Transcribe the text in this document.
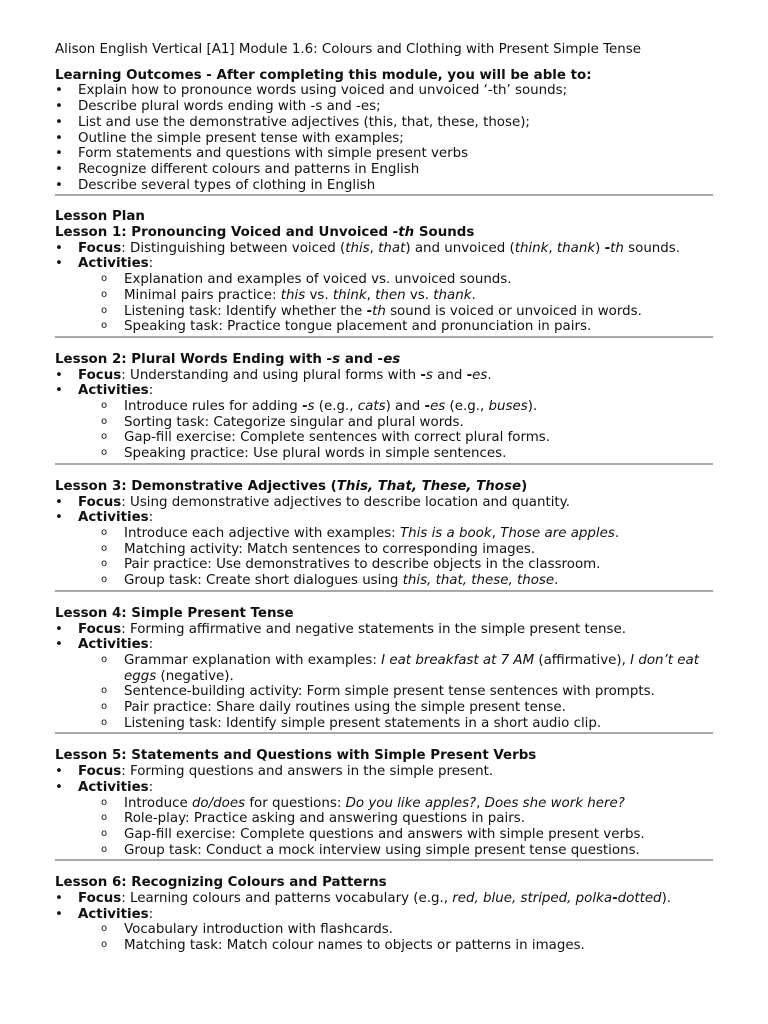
Alison English Vertical [A1] Module 1.6: Colours and Clothing with Present Simple Tense
Learning Outcomes - After completing this module, you will be able to:
• Explain how to pronounce words using voiced and unvoiced ‘-th’ sounds;
• Describe plural words ending with -s and -es;
• List and use the demonstrative adjectives (this, that, these, those);
• Outline the simple present tense with examples;
• Form statements and questions with simple present verbs
• Recognize different colours and patterns in English
• Describe several types of clothing in English
Lesson Plan
Lesson 1: Pronouncing Voiced and Unvoiced -th Sounds
• Focus: Distinguishing between voiced (this, that) and unvoiced (think, thank) -th sounds.
• Activities:
o Explanation and examples of voiced vs. unvoiced sounds.
o Minimal pairs practice: this vs. think, then vs. thank.
o Listening task: Identify whether the -th sound is voiced or unvoiced in words.
o Speaking task: Practice tongue placement and pronunciation in pairs.
Lesson 2: Plural Words Ending with -s and -es
• Focus: Understanding and using plural forms with -s and -es.
• Activities:
o Introduce rules for adding -s (e.g., cats) and -es (e.g., buses).
o Sorting task: Categorize singular and plural words.
o Gap-fill exercise: Complete sentences with correct plural forms.
o Speaking practice: Use plural words in simple sentences.
Lesson 3: Demonstrative Adjectives (This, That, These, Those)
• Focus: Using demonstrative adjectives to describe location and quantity.
• Activities:
o Introduce each adjective with examples: This is a book, Those are apples.
o Matching activity: Match sentences to corresponding images.
o Pair practice: Use demonstratives to describe objects in the classroom.
o Group task: Create short dialogues using this, that, these, those.
Lesson 4: Simple Present Tense
• Focus: Forming affirmative and negative statements in the simple present tense.
• Activities:
o Grammar explanation with examples: I eat breakfast at 7 AM (affirmative), I don’t eat eggs (negative).
o Sentence-building activity: Form simple present tense sentences with prompts.
o Pair practice: Share daily routines using the simple present tense.
o Listening task: Identify simple present statements in a short audio clip.
Lesson 5: Statements and Questions with Simple Present Verbs
• Focus: Forming questions and answers in the simple present.
• Activities:
o Introduce do/does for questions: Do you like apples?, Does she work here?
o Role-play: Practice asking and answering questions in pairs.
o Gap-fill exercise: Complete questions and answers with simple present verbs.
o Group task: Conduct a mock interview using simple present tense questions.
Lesson 6: Recognizing Colours and Patterns
• Focus: Learning colours and patterns vocabulary (e.g., red, blue, striped, polka-dotted).
• Activities:
o Vocabulary introduction with flashcards.
o Matching task: Match colour names to objects or patterns in images.
